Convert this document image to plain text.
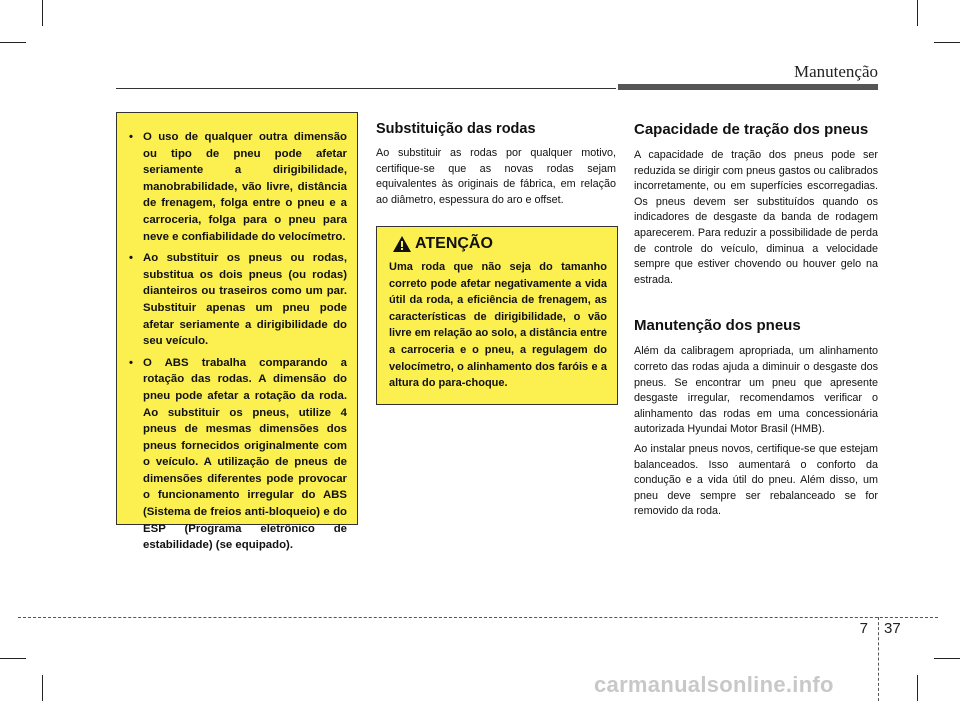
Manutenção
• O uso de qualquer outra dimensão ou tipo de pneu pode afetar seriamente a dirigibilidade, manobrabilidade, vão livre, distância de frenagem, folga entre o pneu e a carroceria, folga para o pneu para neve e confiabilidade do velocímetro.
• Ao substituir os pneus ou rodas, substitua os dois pneus (ou rodas) dianteiros ou traseiros como um par. Substituir apenas um pneu pode afetar seriamente a dirigibilidade do seu veículo.
• O ABS trabalha comparando a rotação das rodas. A dimensão do pneu pode afetar a rotação da roda. Ao substituir os pneus, utilize 4 pneus de mesmas dimensões dos pneus fornecidos originalmente com o veículo. A utilização de pneus de dimensões diferentes pode provocar o funcionamento irregular do ABS (Sistema de freios anti-bloqueio) e do ESP (Programa eletrônico de estabilidade) (se equipado).
Substituição das rodas

Ao substituir as rodas por qualquer motivo, certifique-se que as novas rodas sejam equivalentes às originais de fábrica, em relação ao diâmetro, espessura do aro e offset.

ATENÇÃO

Uma roda que não seja do tamanho correto pode afetar negativamente a vida útil da roda, a eficiência de frenagem, as características de dirigibilidade, o vão livre em relação ao solo, a distância entre a carroceria e o pneu, a regulagem do velocímetro, o alinhamento dos faróis e a altura do para-choque.

Capacidade de tração dos pneus

A capacidade de tração dos pneus pode ser reduzida se dirigir com pneus gastos ou calibrados incorretamente, ou em superfícies escorregadias. Os pneus devem ser substituídos quando os indicadores de desgaste da banda de rodagem aparecerem. Para reduzir a possibilidade de perda de controle do veículo, diminua a velocidade sempre que estiver chovendo ou houver gelo na estrada.

Manutenção dos pneus

Além da calibragem apropriada, um alinhamento correto das rodas ajuda a diminuir o desgaste dos pneus. Se encontrar um pneu que apresente desgaste irregular, recomendamos verificar o alinhamento das rodas em uma concessionária autorizada Hyundai Motor Brasil (HMB).

Ao instalar pneus novos, certifique-se que estejam balanceados. Isso aumentará o conforto da condução e a vida útil do pneu. Além disso, um pneu deve sempre ser rebalanceado se for removido da roda.

7 37
carmanualsonline.info
